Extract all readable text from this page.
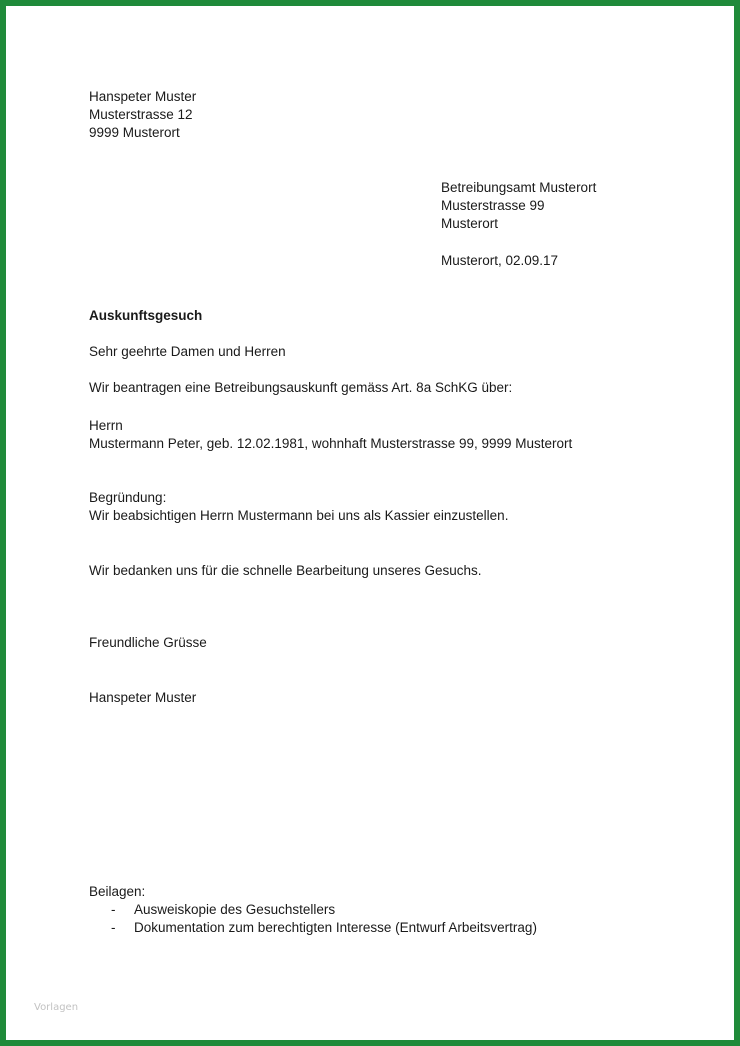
Hanspeter Muster
Musterstrasse 12
9999 Musterort
Betreibungsamt Musterort
Musterstrasse 99
Musterort
Musterort, 02.09.17
Auskunftsgesuch
Sehr geehrte Damen und Herren
Wir beantragen eine Betreibungsauskunft gemäss Art. 8a SchKG über:
Herrn
Mustermann Peter, geb. 12.02.1981, wohnhaft Musterstrasse 99, 9999 Musterort
Begründung:
Wir beabsichtigen Herrn Mustermann bei uns als Kassier einzustellen.
Wir bedanken uns für die schnelle Bearbeitung unseres Gesuchs.
Freundliche Grüsse
Hanspeter Muster
Beilagen:
- Ausweiskopie des Gesuchstellers
- Dokumentation zum berechtigten Interesse (Entwurf Arbeitsvertrag)
Vorlagen
